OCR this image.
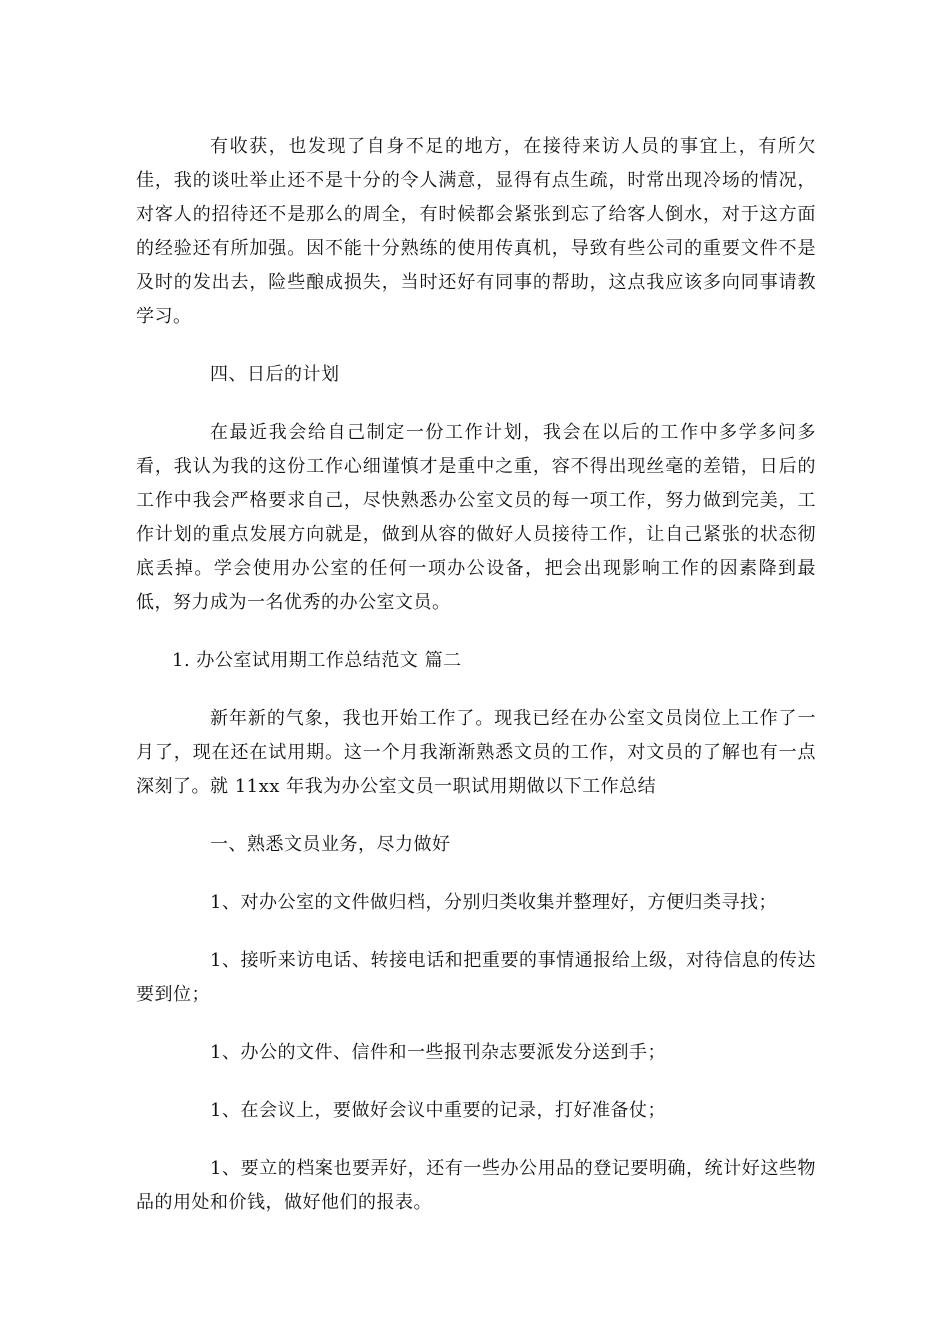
有收获，也发现了自身不足的地方，在接待来访人员的事宜上，有所欠佳，我的谈吐举止还不是十分的令人满意，显得有点生疏，时常出现冷场的情况，对客人的招待还不是那么的周全，有时候都会紧张到忘了给客人倒水，对于这方面的经验还有所加强。因不能十分熟练的使用传真机，导致有些公司的重要文件不是及时的发出去，险些酿成损失，当时还好有同事的帮助，这点我应该多向同事请教学习。

四、日后的计划

在最近我会给自己制定一份工作计划，我会在以后的工作中多学多问多看，我认为我的这份工作心细谨慎才是重中之重，容不得出现丝毫的差错，日后的工作中我会严格要求自己，尽快熟悉办公室文员的每一项工作，努力做到完美，工作计划的重点发展方向就是，做到从容的做好人员接待工作，让自己紧张的状态彻底丢掉。学会使用办公室的任何一项办公设备，把会出现影响工作的因素降到最低，努力成为一名优秀的办公室文员。

1. 办公室试用期工作总结范文 篇二

新年新的气象，我也开始工作了。现我已经在办公室文员岗位上工作了一月了，现在还在试用期。这一个月我渐渐熟悉文员的工作，对文员的了解也有一点深刻了。就 11xx 年我为办公室文员一职试用期做以下工作总结

一、熟悉文员业务，尽力做好

1、对办公室的文件做归档，分别归类收集并整理好，方便归类寻找；

1、接听来访电话、转接电话和把重要的事情通报给上级，对待信息的传达要到位；

1、办公的文件、信件和一些报刊杂志要派发分送到手；

1、在会议上，要做好会议中重要的记录，打好准备仗；

1、要立的档案也要弄好，还有一些办公用品的登记要明确，统计好这些物品的用处和价钱，做好他们的报表。
